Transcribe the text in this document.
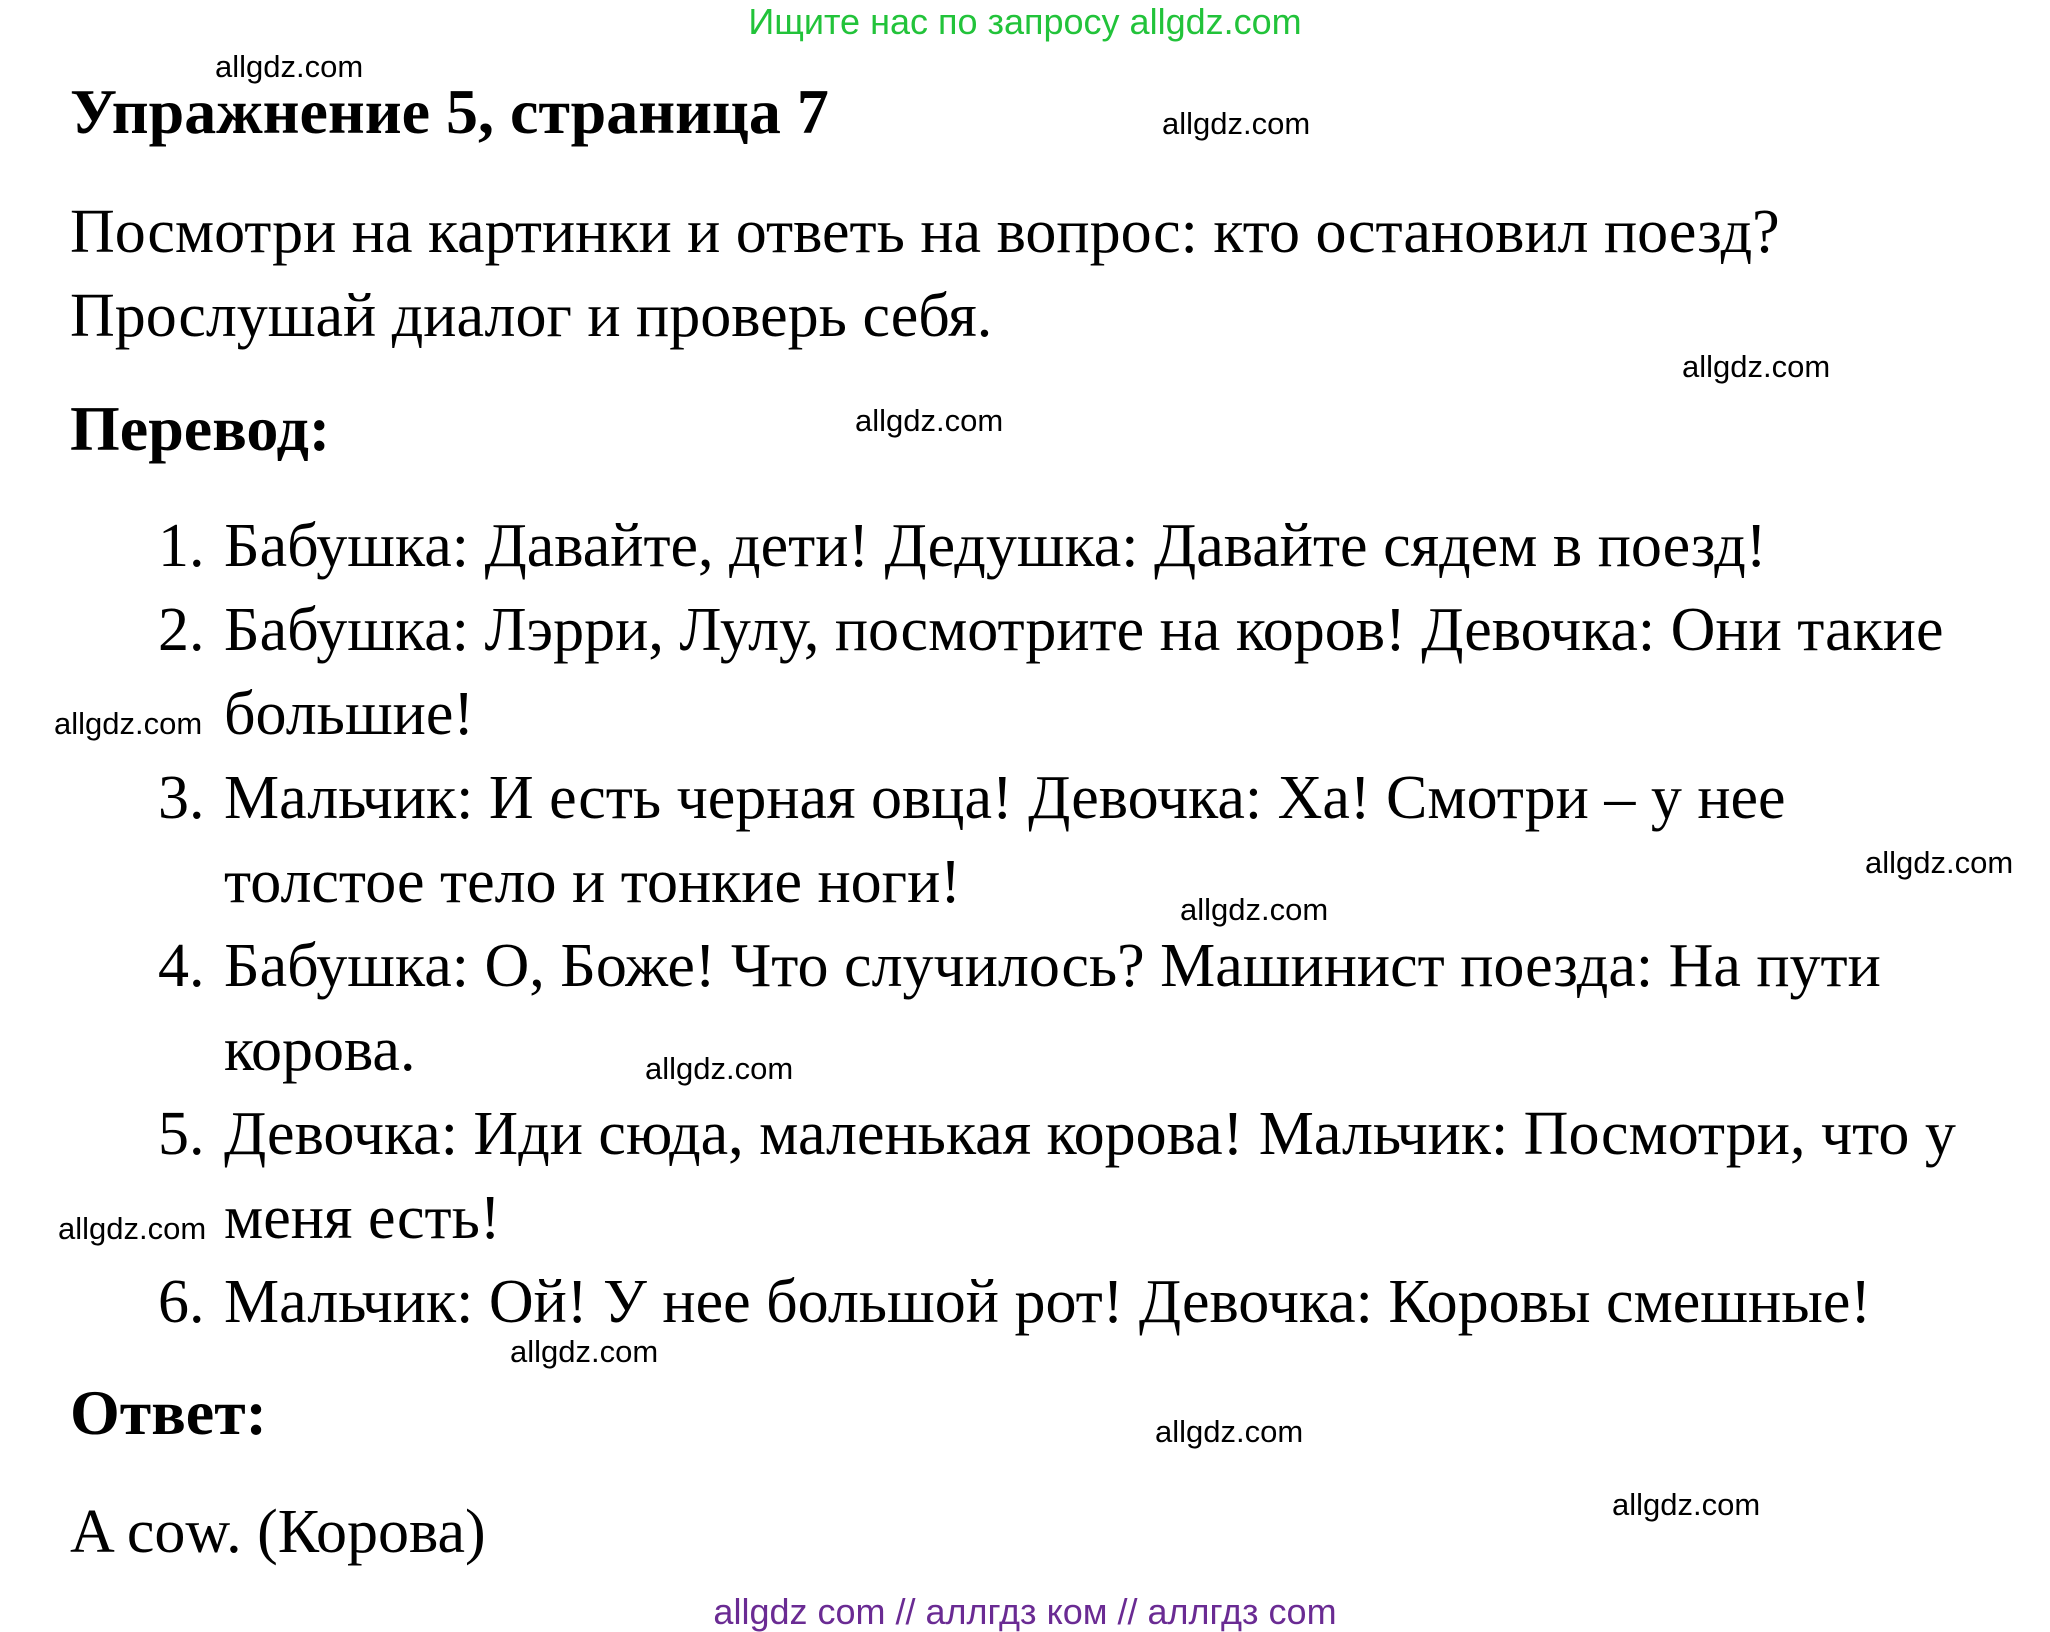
Ищите нас по запросу allgdz.com
allgdz.com
allgdz.com
allgdz.com
allgdz.com
allgdz.com
allgdz.com
allgdz.com
allgdz.com
allgdz.com
allgdz.com
allgdz.com
allgdz.com
Упражнение 5, страница 7
Посмотри на картинки и ответь на вопрос: кто остановил поезд?
Прослушай диалог и проверь себя.
Перевод:
1. Бабушка: Давайте, дети! Дедушка: Давайте сядем в поезд!
2. Бабушка: Лэрри, Лулу, посмотрите на коров! Девочка: Они такие большие!
3. Мальчик: И есть черная овца! Девочка: Ха! Смотри – у нее толстое тело и тонкие ноги!
4. Бабушка: О, Боже! Что случилось? Машинист поезда: На пути корова.
5. Девочка: Иди сюда, маленькая корова! Мальчик: Посмотри, что у меня есть!
6. Мальчик: Ой! У нее большой рот! Девочка: Коровы смешные!
Ответ:
A cow. (Корова)
allgdz com // аллгдз ком // аллгдз com
